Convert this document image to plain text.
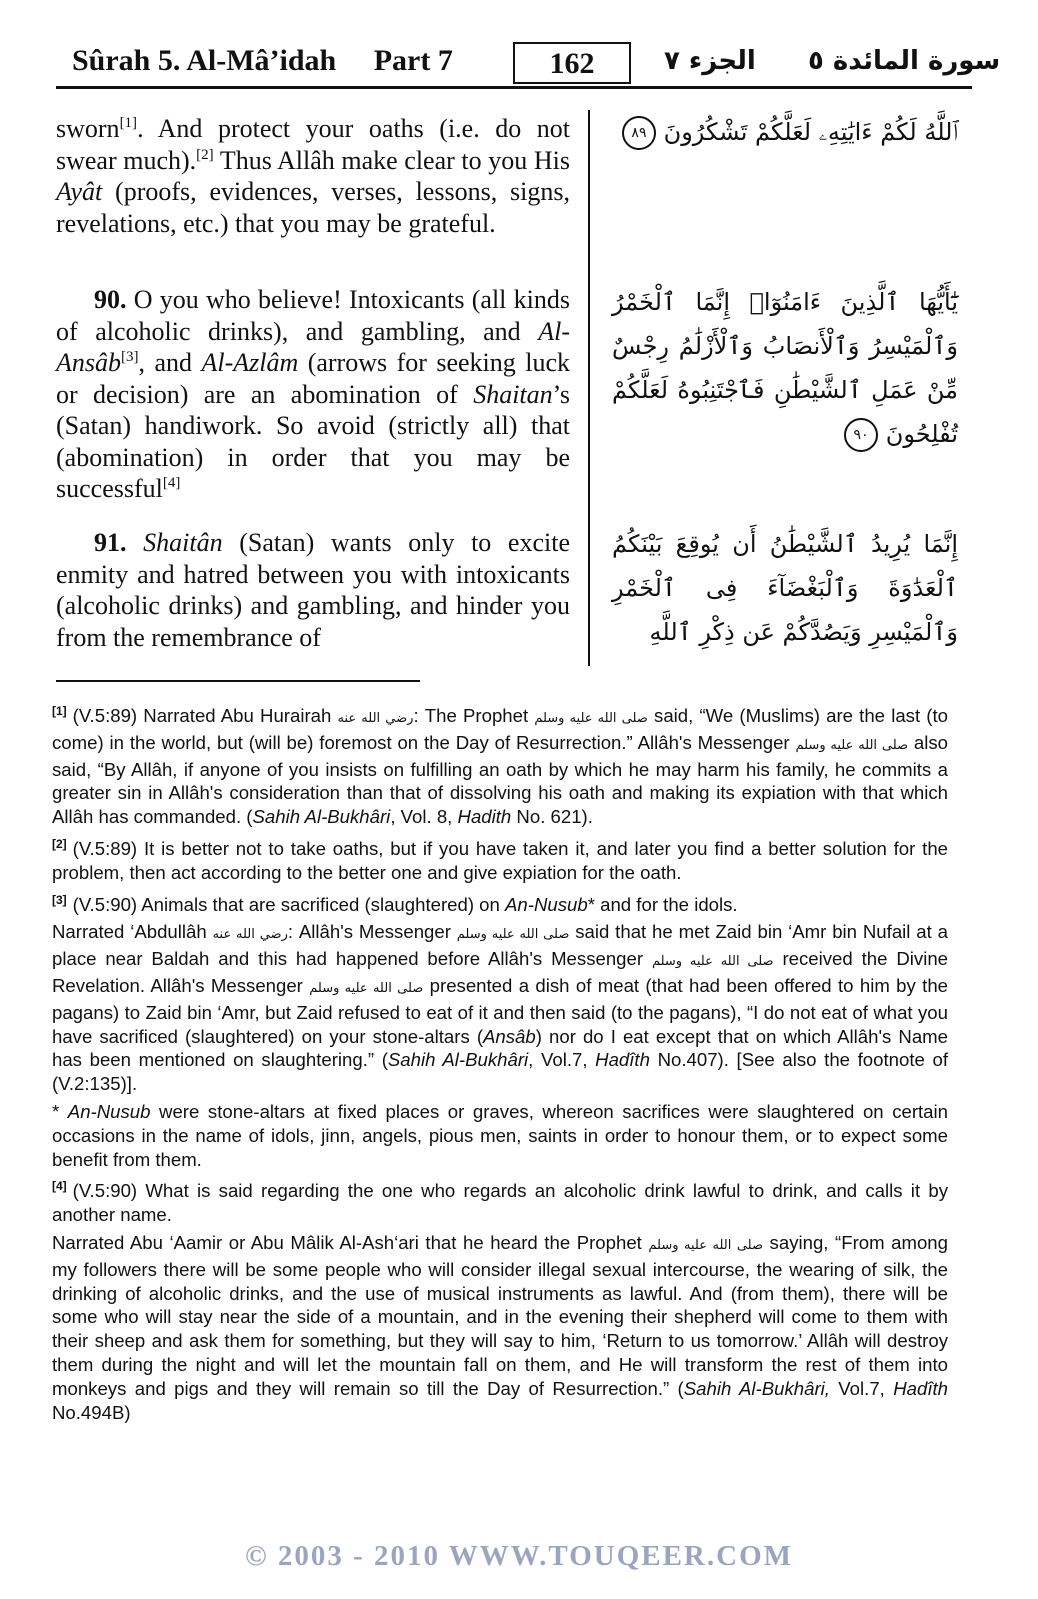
Sûrah 5. Al-Mâ’idah Part 7	162	الجزء ٧ سورة المائدة ٥

sworn[1]. And protect your oaths (i.e. do not swear much).[2] Thus Allâh make clear to you His Ayât (proofs, evidences, verses, lessons, signs, revelations, etc.) that you may be grateful.

90. O you who believe! Intoxicants (all kinds of alcoholic drinks), and gambling, and Al-Ansâb[3], and Al-Azlâm (arrows for seeking luck or decision) are an abomination of Shaitan’s (Satan) handiwork. So avoid (strictly all) that (abomination) in order that you may be successful[4]

91. Shaitân (Satan) wants only to excite enmity and hatred between you with intoxicants (alcoholic drinks) and gambling, and hinder you from the remembrance of

ٱللَّهُ لَكُمْ ءَايَٰتِهِۦ لَعَلَّكُمْ تَشْكُرُونَ ٨٩

يَٰٓأَيُّهَا ٱلَّذِينَ ءَامَنُوٓا۟ إِنَّمَا ٱلْخَمْرُ وَٱلْمَيْسِرُ وَٱلْأَنصَابُ وَٱلْأَزْلَٰمُ رِجْسٌ مِّنْ عَمَلِ ٱلشَّيْطَٰنِ فَٱجْتَنِبُوهُ لَعَلَّكُمْ تُفْلِحُونَ ٩٠

إِنَّمَا يُرِيدُ ٱلشَّيْطَٰنُ أَن يُوقِعَ بَيْنَكُمُ ٱلْعَدَٰوَةَ وَٱلْبَغْضَآءَ فِى ٱلْخَمْرِ وَٱلْمَيْسِرِ وَيَصُدَّكُمْ عَن ذِكْرِ ٱللَّهِ

[1] (V.5:89) Narrated Abu Hurairah رضي الله عنه: The Prophet صلى الله عليه وسلم said, “We (Muslims) are the last (to come) in the world, but (will be) foremost on the Day of Resurrection.” Allâh's Messenger صلى الله عليه وسلم also said, “By Allâh, if anyone of you insists on fulfilling an oath by which he may harm his family, he commits a greater sin in Allâh's consideration than that of dissolving his oath and making its expiation with that which Allâh has commanded. (Sahih Al-Bukhâri, Vol. 8, Hadith No. 621).

[2] (V.5:89) It is better not to take oaths, but if you have taken it, and later you find a better solution for the problem, then act according to the better one and give expiation for the oath.

[3] (V.5:90) Animals that are sacrificed (slaughtered) on An-Nusub* and for the idols.

Narrated ‘Abdullâh رضي الله عنه: Allâh's Messenger صلى الله عليه وسلم said that he met Zaid bin ‘Amr bin Nufail at a place near Baldah and this had happened before Allâh's Messenger صلى الله عليه وسلم received the Divine Revelation. Allâh's Messenger صلى الله عليه وسلم presented a dish of meat (that had been offered to him by the pagans) to Zaid bin ‘Amr, but Zaid refused to eat of it and then said (to the pagans), “I do not eat of what you have sacrificed (slaughtered) on your stone-altars (Ansâb) nor do I eat except that on which Allâh's Name has been mentioned on slaughtering.” (Sahih Al-Bukhâri, Vol.7, Hadîth No.407). [See also the footnote of (V.2:135)].

* An-Nusub were stone-altars at fixed places or graves, whereon sacrifices were slaughtered on certain occasions in the name of idols, jinn, angels, pious men, saints in order to honour them, or to expect some benefit from them.

[4] (V.5:90) What is said regarding the one who regards an alcoholic drink lawful to drink, and calls it by another name.

Narrated Abu ‘Aamir or Abu Mâlik Al-Ash‘ari that he heard the Prophet صلى الله عليه وسلم saying, “From among my followers there will be some people who will consider illegal sexual intercourse, the wearing of silk, the drinking of alcoholic drinks, and the use of musical instruments as lawful. And (from them), there will be some who will stay near the side of a mountain, and in the evening their shepherd will come to them with their sheep and ask them for something, but they will say to him, ‘Return to us tomorrow.’ Allâh will destroy them during the night and will let the mountain fall on them, and He will transform the rest of them into monkeys and pigs and they will remain so till the Day of Resurrection.” (Sahih Al-Bukhâri, Vol.7, Hadîth No.494B)

© 2003 - 2010 WWW.TOUQEER.COM
